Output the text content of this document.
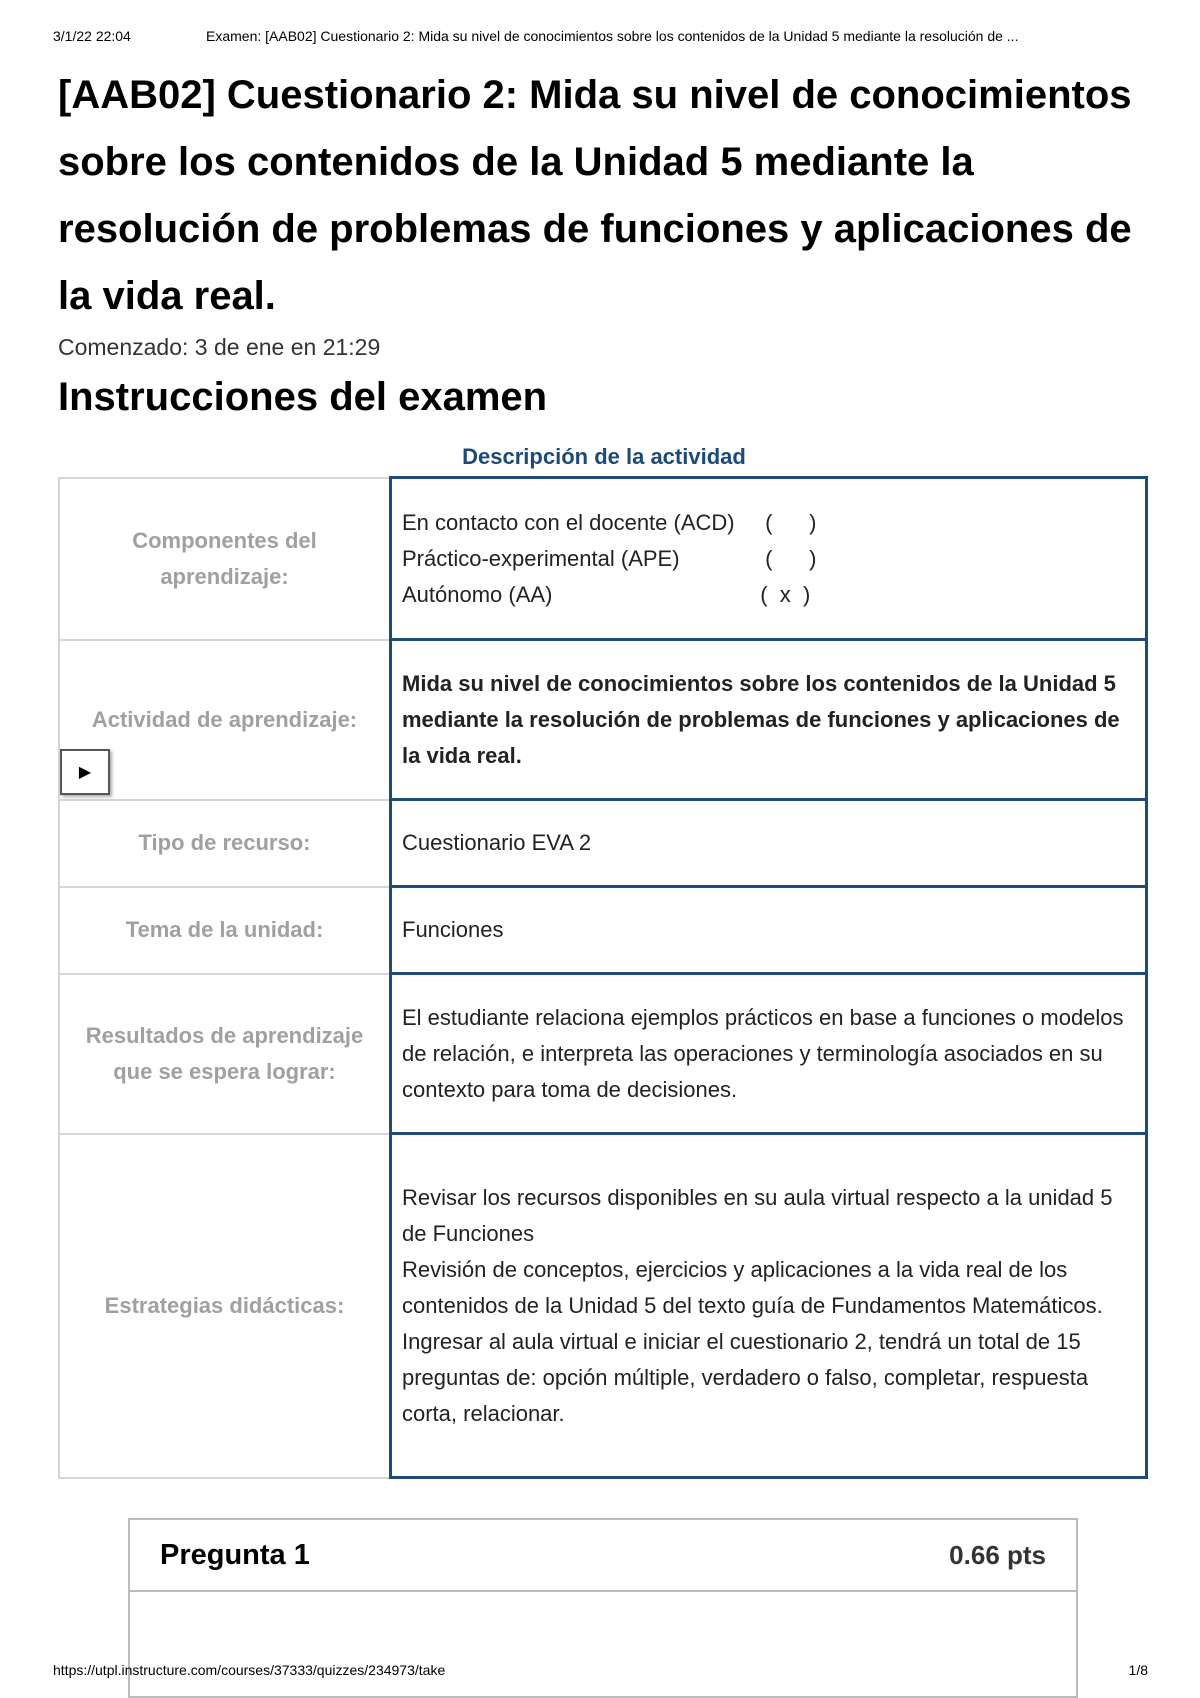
3/1/22 22:04	Examen: [AAB02] Cuestionario 2: Mida su nivel de conocimientos sobre los contenidos de la Unidad 5 mediante la resolución de ...
[AAB02] Cuestionario 2: Mida su nivel de conocimientos sobre los contenidos de la Unidad 5 mediante la resolución de problemas de funciones y aplicaciones de la vida real.
Comenzado: 3 de ene en 21:29
Instrucciones del examen
Descripción de la actividad
Componentes del aprendizaje:	En contacto con el docente (ACD)     (      )
Práctico-experimental (APE)              (      )
Autónomo (AA)                                  (  x  )

Actividad de aprendizaje:
▶	Mida su nivel de conocimientos sobre los contenidos de la Unidad 5 mediante la resolución de problemas de funciones y aplicaciones de la vida real.
Tipo de recurso:	Cuestionario EVA 2
Tema de la unidad:	Funciones
Resultados de aprendizaje que se espera lograr:	El estudiante relaciona ejemplos prácticos en base a funciones o modelos de relación, e interpreta las operaciones y terminología asociados en su contexto para toma de decisiones.
Estrategias didácticas:	Revisar los recursos disponibles en su aula virtual respecto a la unidad 5 de Funciones
Revisión de conceptos, ejercicios y aplicaciones a la vida real de los contenidos de la Unidad 5 del texto guía de Fundamentos Matemáticos.
Ingresar al aula virtual e iniciar el cuestionario 2, tendrá un total de 15 preguntas de: opción múltiple, verdadero o falso, completar, respuesta corta, relacionar.
Pregunta 1	0.66 pts
https://utpl.instructure.com/courses/37333/quizzes/234973/take	1/8
